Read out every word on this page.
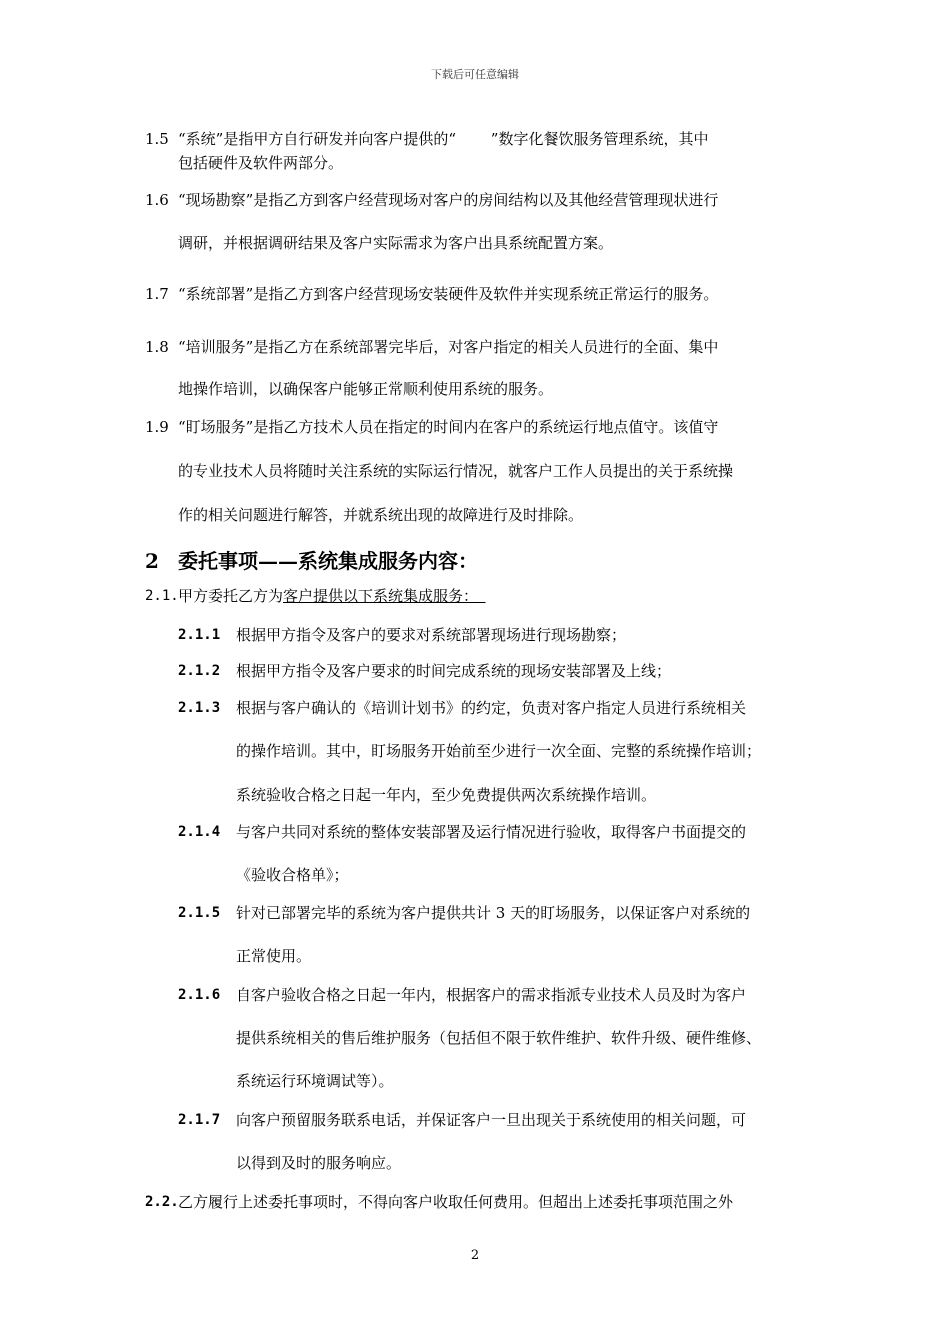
下载后可任意编辑
1.5 “系统”是指甲方自行研发并向客户提供的“　　 ”数字化餐饮服务管理系统，其中
包括硬件及软件两部分。
1.6 “现场勘察”是指乙方到客户经营现场对客户的房间结构以及其他经营管理现状进行
调研，并根据调研结果及客户实际需求为客户出具系统配置方案。
1.7 “系统部署”是指乙方到客户经营现场安装硬件及软件并实现系统正常运行的服务。
1.8 “培训服务”是指乙方在系统部署完毕后，对客户指定的相关人员进行的全面、集中
地操作培训，以确保客户能够正常顺利使用系统的服务。
1.9 “盯场服务”是指乙方技术人员在指定的时间内在客户的系统运行地点值守。该值守
的专业技术人员将随时关注系统的实际运行情况，就客户工作人员提出的关于系统操
作的相关问题进行解答，并就系统出现的故障进行及时排除。
2 委托事项——系统集成服务内容：
2.1. 甲方委托乙方为客户提供以下系统集成服务：　
2.1.1 根据甲方指令及客户的要求对系统部署现场进行现场勘察；
2.1.2 根据甲方指令及客户要求的时间完成系统的现场安装部署及上线；
2.1.3 根据与客户确认的《培训计划书》的约定，负责对客户指定人员进行系统相关
的操作培训。其中，盯场服务开始前至少进行一次全面、完整的系统操作培训；
系统验收合格之日起一年内，至少免费提供两次系统操作培训。
2.1.4 与客户共同对系统的整体安装部署及运行情况进行验收，取得客户书面提交的
《验收合格单》；
2.1.5 针对已部署完毕的系统为客户提供共计 3 天的盯场服务，以保证客户对系统的
正常使用。
2.1.6 自客户验收合格之日起一年内，根据客户的需求指派专业技术人员及时为客户
提供系统相关的售后维护服务（包括但不限于软件维护、软件升级、硬件维修、
系统运行环境调试等）。
2.1.7 向客户预留服务联系电话，并保证客户一旦出现关于系统使用的相关问题，可
以得到及时的服务响应。
2.2. 乙方履行上述委托事项时，不得向客户收取任何费用。但超出上述委托事项范围之外
2
